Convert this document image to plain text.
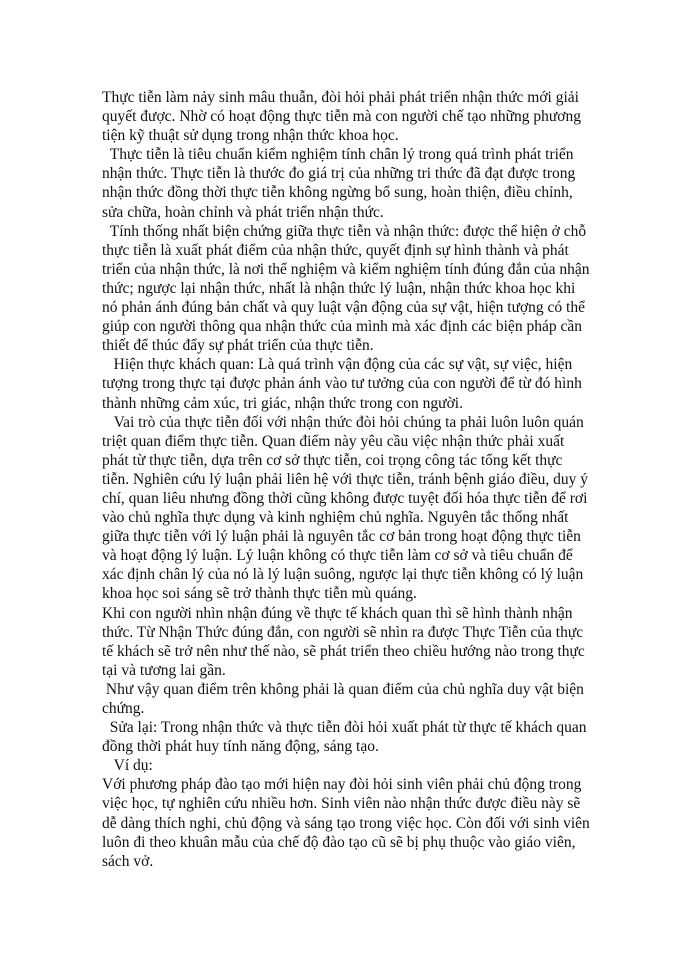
Thực tiễn làm nảy sinh mâu thuẫn, đòi hỏi phải phát triển nhận thức mới giải quyết được. Nhờ có hoạt động thực tiễn mà con người chế tạo những phương tiện kỹ thuật sử dụng trong nhận thức khoa học.

Thực tiễn là tiêu chuẩn kiểm nghiệm tính chân lý trong quá trình phát triển nhận thức. Thực tiễn là thước đo giá trị của những tri thức đã đạt được trong nhận thức đồng thời thực tiễn không ngừng bổ sung, hoàn thiện, điều chỉnh, sửa chữa, hoàn chỉnh và phát triển nhận thức.

Tính thống nhất biện chứng giữa thực tiễn và nhận thức: được thể hiện ở chỗ thực tiễn là xuất phát điểm của nhận thức, quyết định sự hình thành và phát triển của nhận thức, là nơi thể nghiệm và kiểm nghiệm tính đúng đắn của nhận thức; ngược lại nhận thức, nhất là nhận thức lý luận, nhận thức khoa học khi nó phản ánh đúng bản chất và quy luật vận động của sự vật, hiện tượng có thể giúp con người thông qua nhận thức của mình mà xác định các biện pháp cần thiết để thúc đẩy sự phát triển của thực tiễn.

Hiện thực khách quan: Là quá trình vận động của các sự vật, sự việc, hiện tượng trong thực tại được phản ánh vào tư tưởng của con người để từ đó hình thành những cảm xúc, tri giác, nhận thức trong con người.

Vai trò của thực tiễn đối với nhận thức đòi hỏi chúng ta phải luôn luôn quán triệt quan điểm thực tiễn. Quan điểm này yêu cầu việc nhận thức phải xuất phát từ thực tiễn, dựa trên cơ sở thực tiễn, coi trọng công tác tổng kết thực tiễn. Nghiên cứu lý luận phải liên hệ với thực tiễn, tránh bệnh giáo điều, duy ý chí, quan liêu nhưng đồng thời cũng không được tuyệt đối hóa thực tiễn để rơi vào chủ nghĩa thực dụng và kinh nghiệm chủ nghĩa. Nguyên tắc thống nhất giữa thực tiễn với lý luận phải là nguyên tắc cơ bản trong hoạt động thực tiễn và hoạt động lý luận. Lý luận không có thực tiễn làm cơ sở và tiêu chuẩn để xác định chân lý của nó là lý luận suông, ngược lại thực tiễn không có lý luận khoa học soi sáng sẽ trở thành thực tiễn mù quáng.

Khi con người nhìn nhận đúng về thực tế khách quan thì sẽ hình thành nhận thức. Từ Nhận Thức đúng đắn, con người sẽ nhìn ra được Thực Tiễn của thực tế khách sẽ trở nên như thế nào, sẽ phát triển theo chiều hướng nào trong thực tại và tương lai gần.

Như vậy quan điểm trên không phải là quan điểm của chủ nghĩa duy vật biện chứng.

Sửa lại: Trong nhận thức và thực tiễn đòi hỏi xuất phát từ thực tế khách quan đồng thời phát huy tính năng động, sáng tạo.

Ví dụ:

Với phương pháp đào tạo mới hiện nay đòi hỏi sinh viên phải chủ động trong việc học, tự nghiên cứu nhiều hơn. Sinh viên nào nhận thức được điều này sẽ dễ dàng thích nghi, chủ động và sáng tạo trong việc học. Còn đối với sinh viên luôn đi theo khuân mẫu của chế độ đào tạo cũ sẽ bị phụ thuộc vào giáo viên, sách vở.
